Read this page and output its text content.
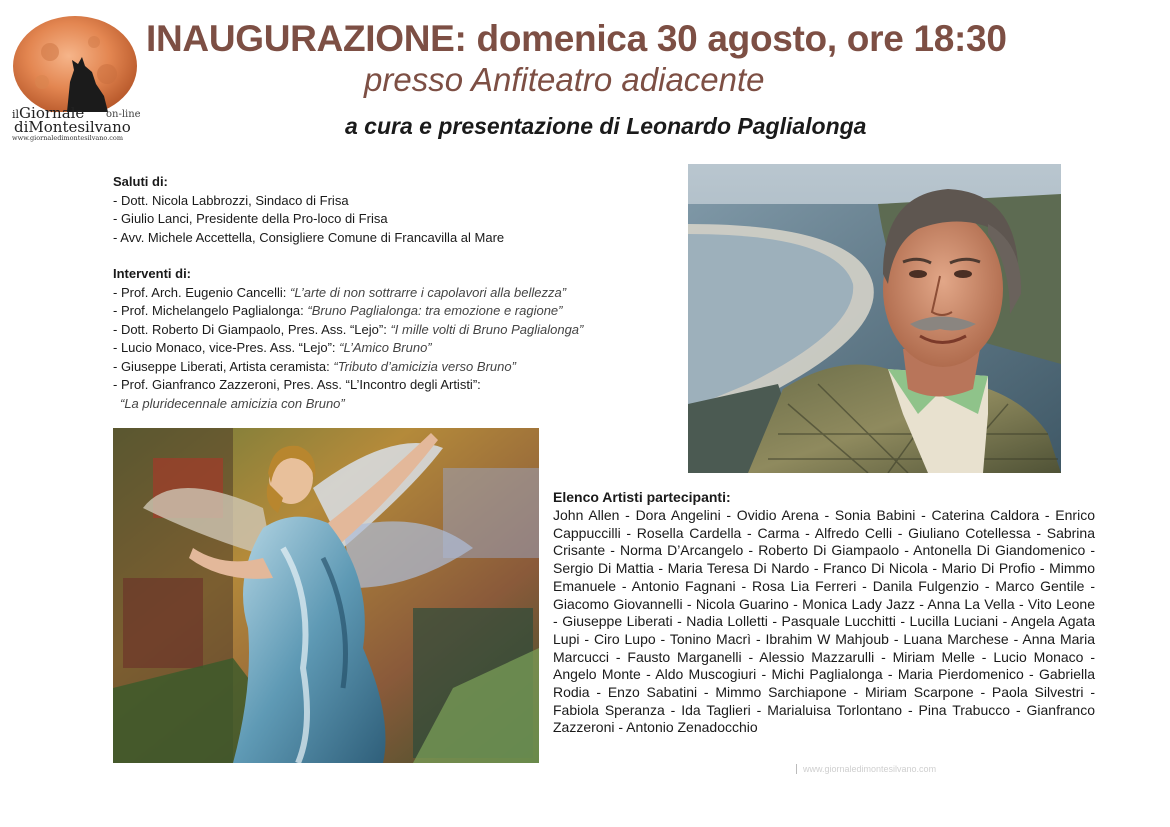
ilGiornale on-line
diMontesilvano
www.giornaledimontesilvano.com
INAUGURAZIONE: domenica 30 agosto, ore 18:30
presso Anfiteatro adiacente
a cura e presentazione di Leonardo Paglialonga
Saluti di:
- Dott. Nicola Labbrozzi, Sindaco di Frisa
- Giulio Lanci, Presidente della Pro-loco di Frisa
- Avv. Michele Accettella, Consigliere Comune di Francavilla al Mare
Interventi di:
- Prof. Arch. Eugenio Cancelli: “L’arte di non sottrarre i capolavori alla bellezza”
- Prof. Michelangelo Paglialonga: “Bruno Paglialonga: tra emozione e ragione”
- Dott. Roberto Di Giampaolo, Pres. Ass. “Lejo”: “I mille volti di Bruno Paglialonga”
- Lucio Monaco, vice-Pres. Ass. “Lejo”: “L’Amico Bruno”
- Giuseppe Liberati, Artista ceramista: “Tributo d’amicizia verso Bruno”
- Prof. Gianfranco Zazzeroni, Pres. Ass. “L’Incontro degli Artisti”:
“La pluridecennale amicizia con Bruno”
Elenco Artisti partecipanti:
John Allen - Dora Angelini - Ovidio Arena - Sonia Babini - Caterina Caldora - Enrico Cappuccilli - Rosella Cardella - Carma - Alfredo Celli - Giuliano Cotellessa - Sabrina Crisante - Norma D’Arcangelo - Roberto Di Giampaolo - Antonella Di Giandomenico - Sergio Di Mattia - Maria Teresa Di Nardo - Franco Di Nicola - Mario Di Profio - Mimmo Emanuele - Antonio Fagnani - Rosa Lia Ferreri - Danila Fulgenzio - Marco Gentile - Giacomo Giovannelli - Nicola Guarino - Monica Lady Jazz - Anna La Vella - Vito Leone - Giuseppe Liberati - Nadia Lolletti - Pasquale Lucchitti - Lucilla Luciani - Angela Agata Lupi - Ciro Lupo - Tonino Macrì - Ibrahim W Mahjoub - Luana Marchese - Anna Maria Marcucci - Fausto Marganelli - Alessio Mazzarulli - Miriam Melle - Lucio Monaco - Angelo Monte - Aldo Muscogiuri - Michi Paglialonga - Maria Pierdomenico - Gabriella Rodia - Enzo Sabatini - Mimmo Sarchiapone - Miriam Scarpone - Paola Silvestri - Fabiola Speranza - Ida Taglieri - Marialuisa Torlontano - Pina Trabucco - Gianfranco Zazzeroni - Antonio Zenadocchio
www.giornaledimontesilvano.com
